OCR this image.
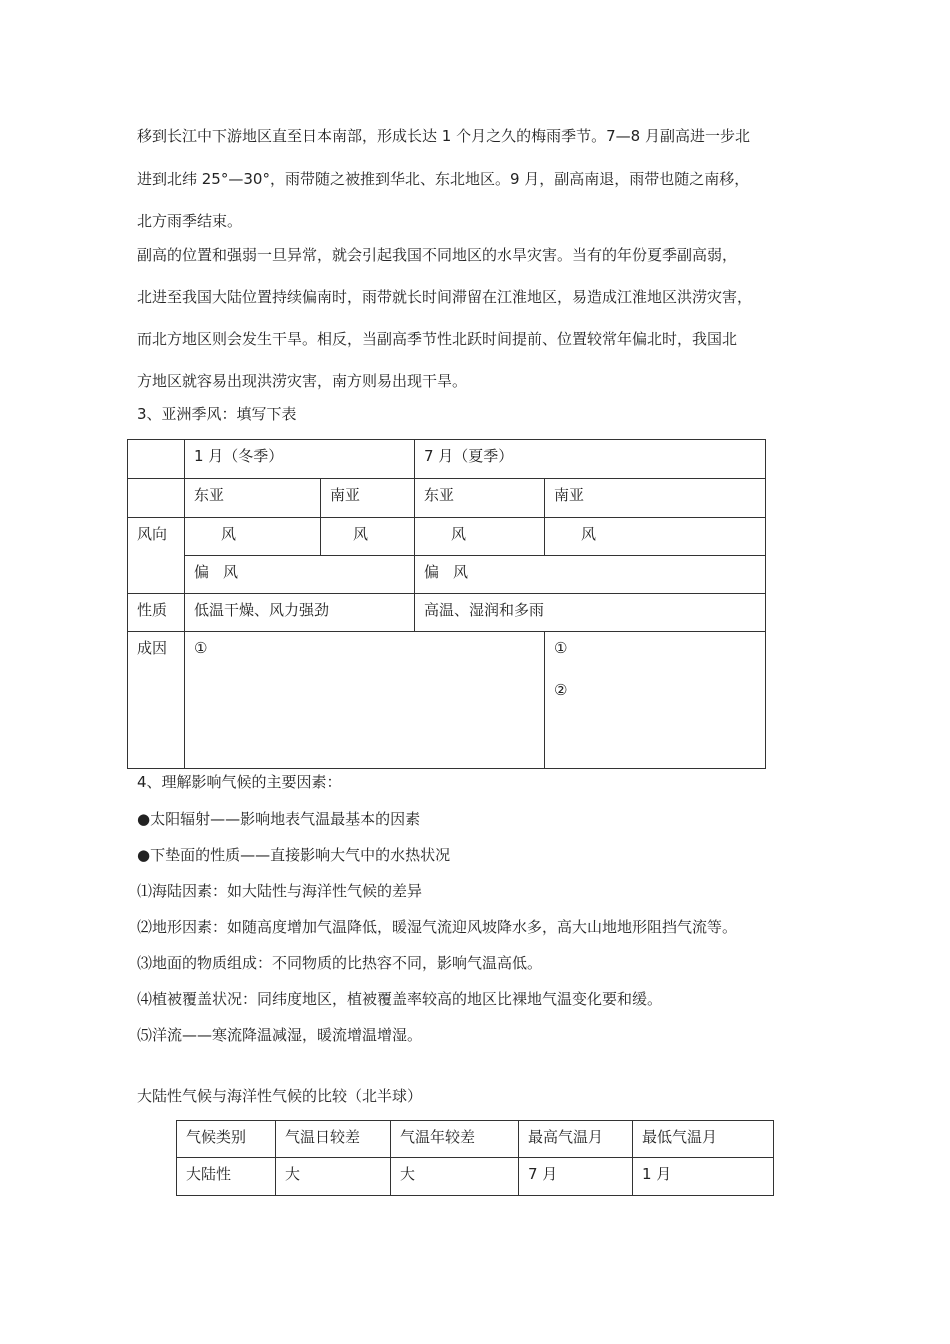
移到长江中下游地区直至日本南部，形成长达 1 个月之久的梅雨季节。7—8 月副高进一步北
进到北纬 25°—30°，雨带随之被推到华北、东北地区。9 月，副高南退，雨带也随之南移，
北方雨季结束。
副高的位置和强弱一旦异常，就会引起我国不同地区的水旱灾害。当有的年份夏季副高弱，
北进至我国大陆位置持续偏南时，雨带就长时间滞留在江淮地区，易造成江淮地区洪涝灾害，
而北方地区则会发生干旱。相反，当副高季节性北跃时间提前、位置较常年偏北时，我国北
方地区就容易出现洪涝灾害，南方则易出现干旱。
3、亚洲季风：填写下表
	1 月（冬季）		7 月（夏季）	
	东亚	南亚	东亚	南亚
风向	风	风	风	风
	偏 风		偏 风	
性质	低温干燥、风力强劲		高温、湿润和多雨	
成因	①			①
②
4、理解影响气候的主要因素：
●太阳辐射——影响地表气温最基本的因素
●下垫面的性质——直接影响大气中的水热状况
⑴海陆因素：如大陆性与海洋性气候的差异
⑵地形因素：如随高度增加气温降低，暖湿气流迎风坡降水多，高大山地地形阻挡气流等。
⑶地面的物质组成：不同物质的比热容不同，影响气温高低。
⑷植被覆盖状况：同纬度地区，植被覆盖率较高的地区比裸地气温变化要和缓。
⑸洋流——寒流降温减湿，暖流增温增湿。
大陆性气候与海洋性气候的比较（北半球）
气候类别	气温日较差	气温年较差	最高气温月	最低气温月
大陆性	大	大	7 月	1 月
